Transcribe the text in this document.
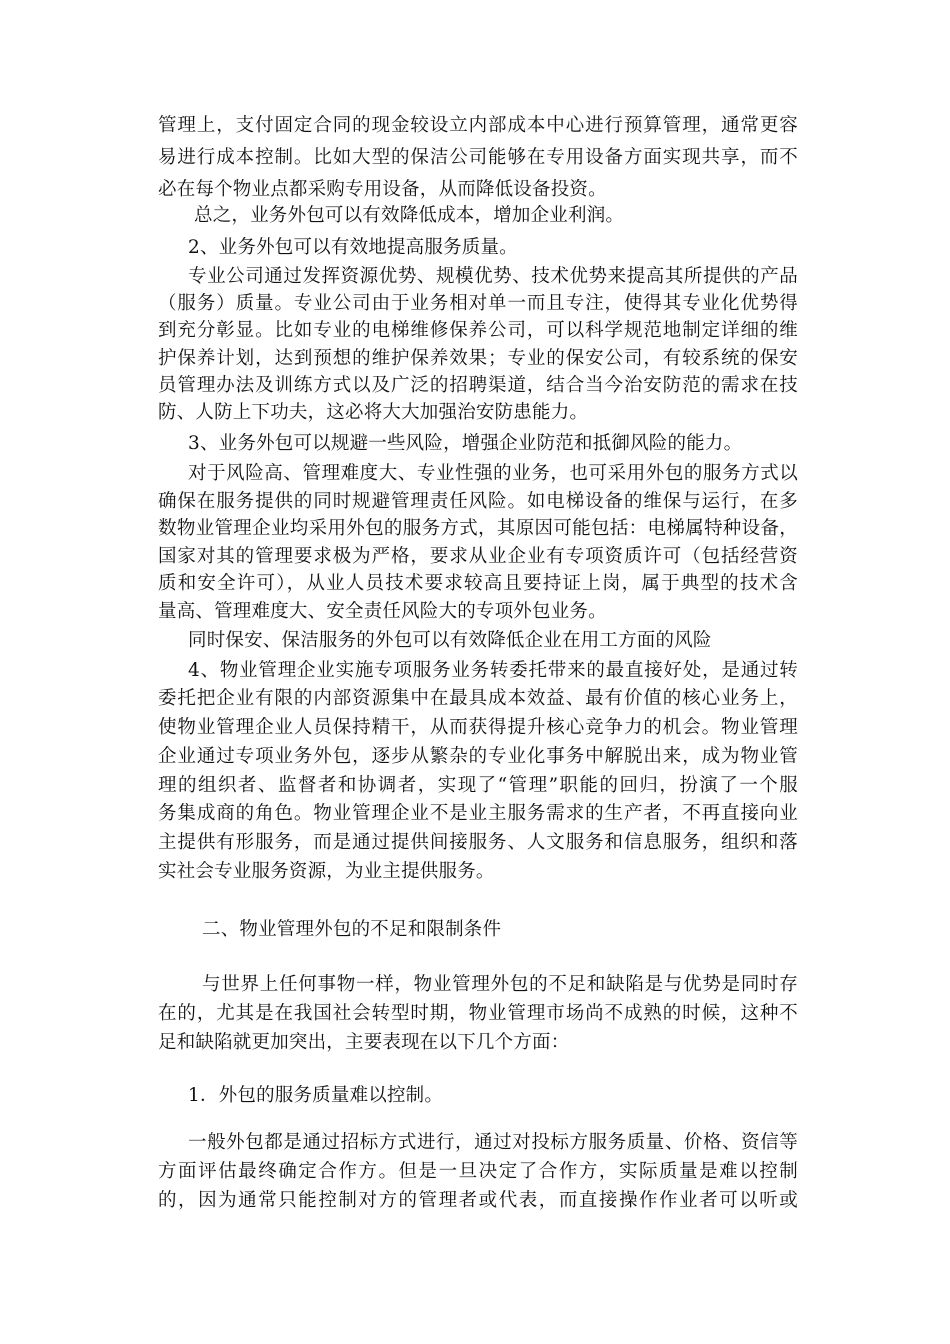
管理上，支付固定合同的现金较设立内部成本中心进行预算管理，通常更容
易进行成本控制。比如大型的保洁公司能够在专用设备方面实现共享，而不
必在每个物业点都采购专用设备，从而降低设备投资。
总之，业务外包可以有效降低成本，增加企业利润。
2、业务外包可以有效地提高服务质量。
专业公司通过发挥资源优势、规模优势、技术优势来提高其所提供的产品
（服务）质量。专业公司由于业务相对单一而且专注，使得其专业化优势得
到充分彰显。比如专业的电梯维修保养公司，可以科学规范地制定详细的维
护保养计划，达到预想的维护保养效果；专业的保安公司，有较系统的保安
员管理办法及训练方式以及广泛的招聘渠道，结合当今治安防范的需求在技
防、人防上下功夫，这必将大大加强治安防患能力。
3、业务外包可以规避一些风险，增强企业防范和抵御风险的能力。
对于风险高、管理难度大、专业性强的业务，也可采用外包的服务方式以
确保在服务提供的同时规避管理责任风险。如电梯设备的维保与运行，在多
数物业管理企业均采用外包的服务方式，其原因可能包括：电梯属特种设备，
国家对其的管理要求极为严格，要求从业企业有专项资质许可（包括经营资
质和安全许可），从业人员技术要求较高且要持证上岗，属于典型的技术含
量高、管理难度大、安全责任风险大的专项外包业务。
同时保安、保洁服务的外包可以有效降低企业在用工方面的风险
4、物业管理企业实施专项服务业务转委托带来的最直接好处，是通过转
委托把企业有限的内部资源集中在最具成本效益、最有价值的核心业务上，
使物业管理企业人员保持精干，从而获得提升核心竞争力的机会。物业管理
企业通过专项业务外包，逐步从繁杂的专业化事务中解脱出来，成为物业管
理的组织者、监督者和协调者，实现了“管理”职能的回归，扮演了一个服
务集成商的角色。物业管理企业不是业主服务需求的生产者，不再直接向业
主提供有形服务，而是通过提供间接服务、人文服务和信息服务，组织和落
实社会专业服务资源，为业主提供服务。
二、物业管理外包的不足和限制条件
与世界上任何事物一样，物业管理外包的不足和缺陷是与优势是同时存
在的，尤其是在我国社会转型时期，物业管理市场尚不成熟的时候，这种不
足和缺陷就更加突出，主要表现在以下几个方面：
1．外包的服务质量难以控制。
一般外包都是通过招标方式进行，通过对投标方服务质量、价格、资信等
方面评估最终确定合作方。但是一旦决定了合作方，实际质量是难以控制
的，因为通常只能控制对方的管理者或代表，而直接操作作业者可以听或
